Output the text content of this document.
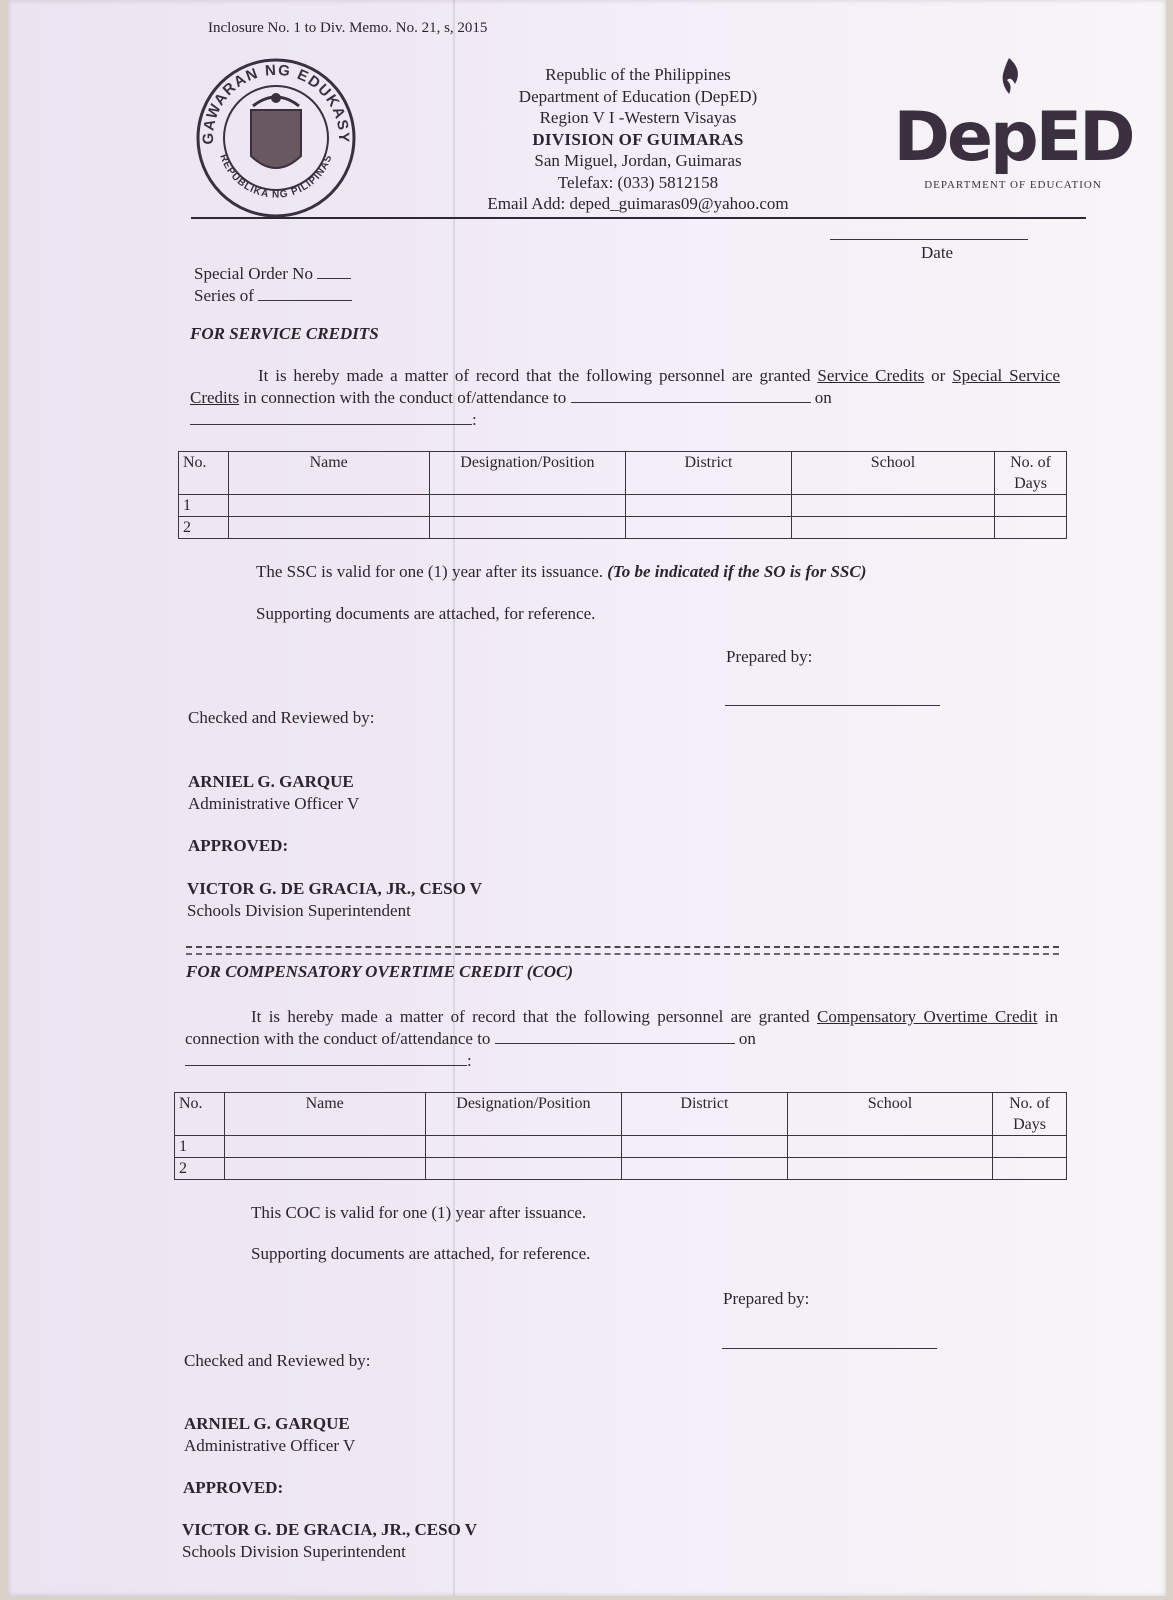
Inclosure No. 1 to Div. Memo. No. 21, s, 2015
GAWARAN NG EDUKASY
REPUBLIKA NG PILIPINAS
Republic of the Philippines
Department of Education (DepED)
Region V I -Western Visayas
DIVISION OF GUIMARAS
San Miguel, Jordan, Guimaras
Telefax: (033) 5812158
Email Add: deped_guimaras09@yahoo.com
DepED
DEPARTMENT OF EDUCATION
Date
Special Order No
Series of
FOR SERVICE CREDITS
It is hereby made a matter of record that the following personnel are granted Service Credits or Special Service Credits in connection with the conduct of/attendance to	on
:
No.	Name	Designation/Position	District	School	No. of Days
1					
2					
The SSC is valid for one (1) year after its issuance. (To be indicated if the SO is for SSC)
Supporting documents are attached, for reference.
Prepared by:
Checked and Reviewed by:
ARNIEL G. GARQUE
Administrative Officer V
APPROVED:
VICTOR G. DE GRACIA, JR., CESO V
Schools Division Superintendent
FOR COMPENSATORY OVERTIME CREDIT (COC)
It is hereby made a matter of record that the following personnel are granted Compensatory Overtime Credit in connection with the conduct of/attendance to	on
:
No.	Name	Designation/Position	District	School	No. of Days
1					
2					
This COC is valid for one (1) year after issuance.
Supporting documents are attached, for reference.
Prepared by:
Checked and Reviewed by:
ARNIEL G. GARQUE
Administrative Officer V
APPROVED:
VICTOR G. DE GRACIA, JR., CESO V
Schools Division Superintendent
